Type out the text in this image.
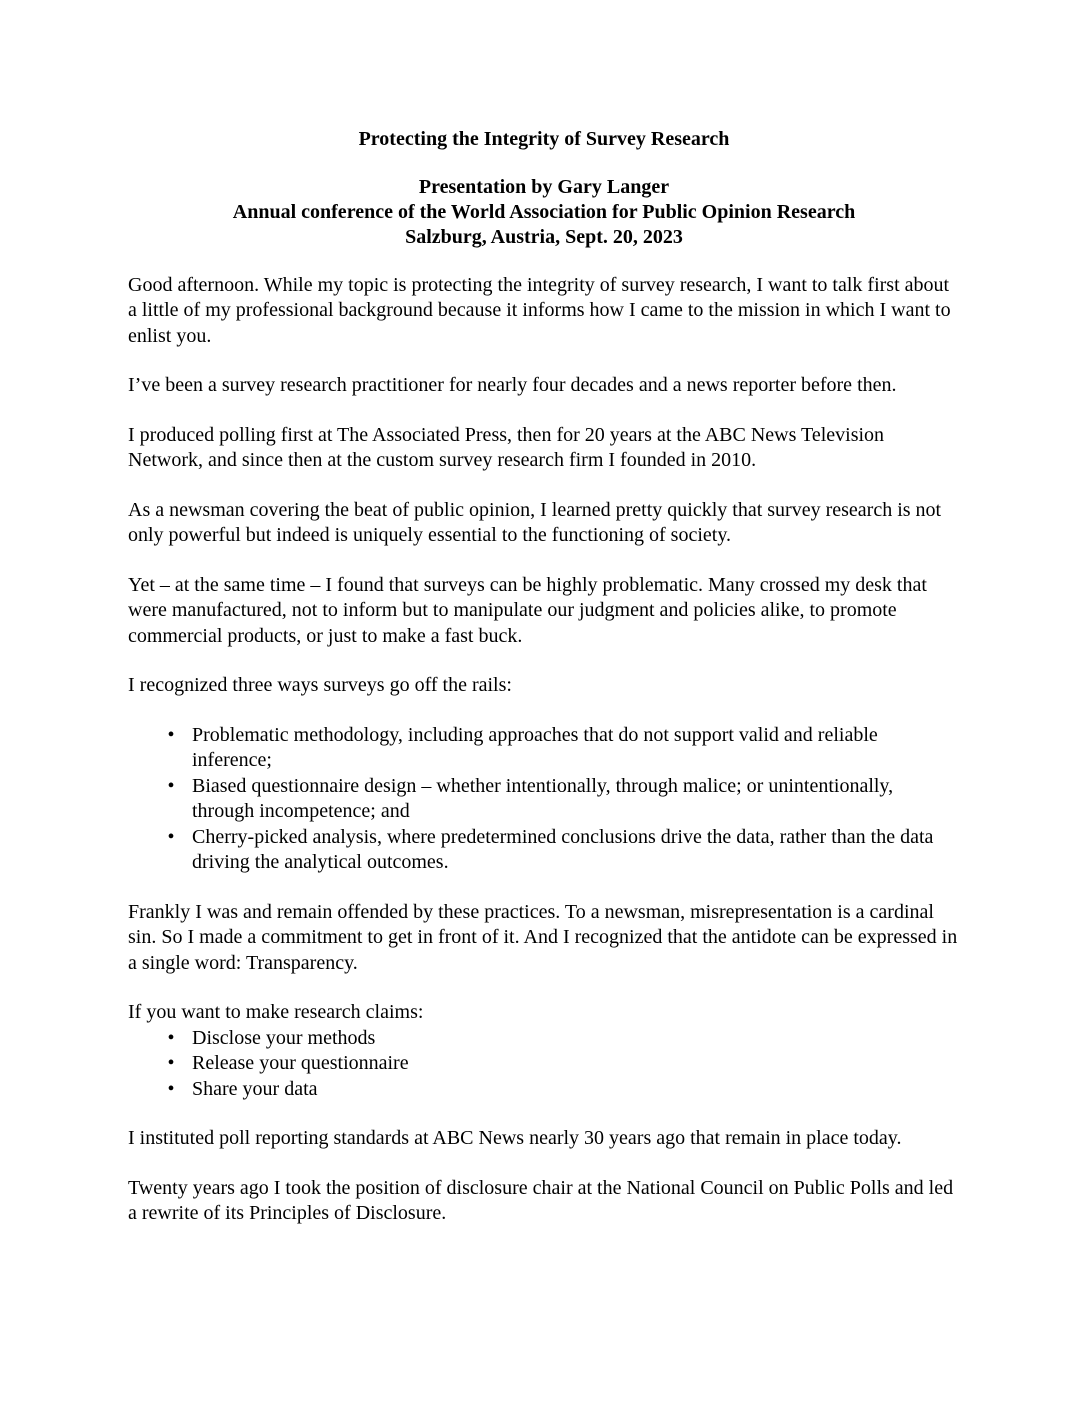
Protecting the Integrity of Survey Research

Presentation by Gary Langer

Annual conference of the World Association for Public Opinion Research

Salzburg, Austria, Sept. 20, 2023

Good afternoon. While my topic is protecting the integrity of survey research, I want to talk first about a little of my professional background because it informs how I came to the mission in which I want to enlist you.

I’ve been a survey research practitioner for nearly four decades and a news reporter before then.

I produced polling first at The Associated Press, then for 20 years at the ABC News Television Network, and since then at the custom survey research firm I founded in 2010.

As a newsman covering the beat of public opinion, I learned pretty quickly that survey research is not only powerful but indeed is uniquely essential to the functioning of society.

Yet – at the same time – I found that surveys can be highly problematic. Many crossed my desk that were manufactured, not to inform but to manipulate our judgment and policies alike, to promote commercial products, or just to make a fast buck.

I recognized three ways surveys go off the rails:

• Problematic methodology, including approaches that do not support valid and reliable inference;
• Biased questionnaire design – whether intentionally, through malice; or unintentionally, through incompetence; and
• Cherry-picked analysis, where predetermined conclusions drive the data, rather than the data driving the analytical outcomes.

Frankly I was and remain offended by these practices. To a newsman, misrepresentation is a cardinal sin. So I made a commitment to get in front of it. And I recognized that the antidote can be expressed in a single word: Transparency.

If you want to make research claims:

• Disclose your methods
• Release your questionnaire
• Share your data

I instituted poll reporting standards at ABC News nearly 30 years ago that remain in place today.

Twenty years ago I took the position of disclosure chair at the National Council on Public Polls and led a rewrite of its Principles of Disclosure.
